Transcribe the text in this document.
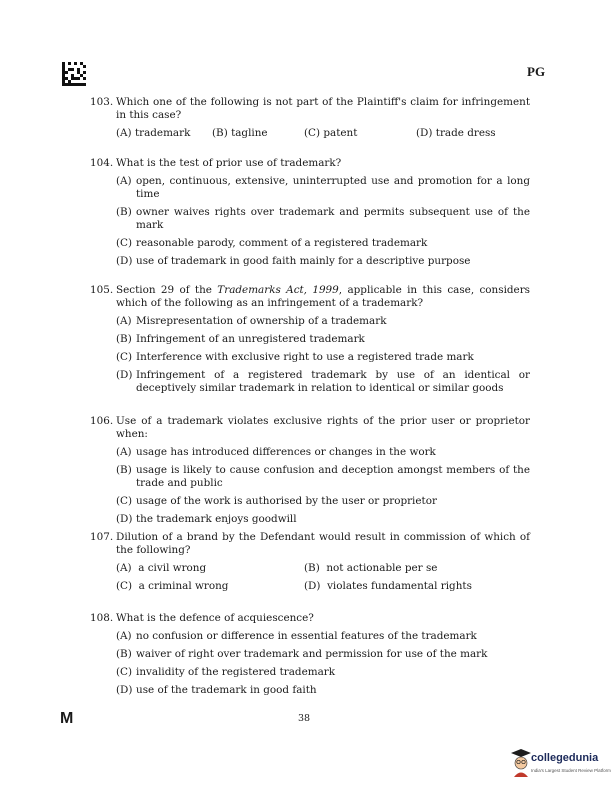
PG
103. Which one of the following is not part of the Plaintiff's claim for infringement in this case?
(A) trademark	(B) tagline	(C) patent	(D) trade dress
104. What is the test of prior use of trademark?
(A) open, continuous, extensive, uninterrupted use and promotion for a long time
(B) owner waives rights over trademark and permits subsequent use of the mark
(C) reasonable parody, comment of a registered trademark
(D) use of trademark in good faith mainly for a descriptive purpose
105. Section 29 of the Trademarks Act, 1999, applicable in this case, considers which of the following as an infringement of a trademark?
(A) Misrepresentation of ownership of a trademark
(B) Infringement of an unregistered trademark
(C) Interference with exclusive right to use a registered trade mark
(D) Infringement of a registered trademark by use of an identical or deceptively similar trademark in relation to identical or similar goods
106. Use of a trademark violates exclusive rights of the prior user or proprietor when:
(A) usage has introduced differences or changes in the work
(B) usage is likely to cause confusion and deception amongst members of the trade and public
(C) usage of the work is authorised by the user or proprietor
(D) the trademark enjoys goodwill
107. Dilution of a brand by the Defendant would result in commission of which of the following?
(A) a civil wrong	(B) not actionable per se
(C) a criminal wrong	(D) violates fundamental rights
108. What is the defence of acquiescence?
(A) no confusion or difference in essential features of the trademark
(B) waiver of right over trademark and permission for use of the mark
(C) invalidity of the registered trademark
(D) use of the trademark in good faith
M	38
collegedunia
India's Largest Student Review Platform
